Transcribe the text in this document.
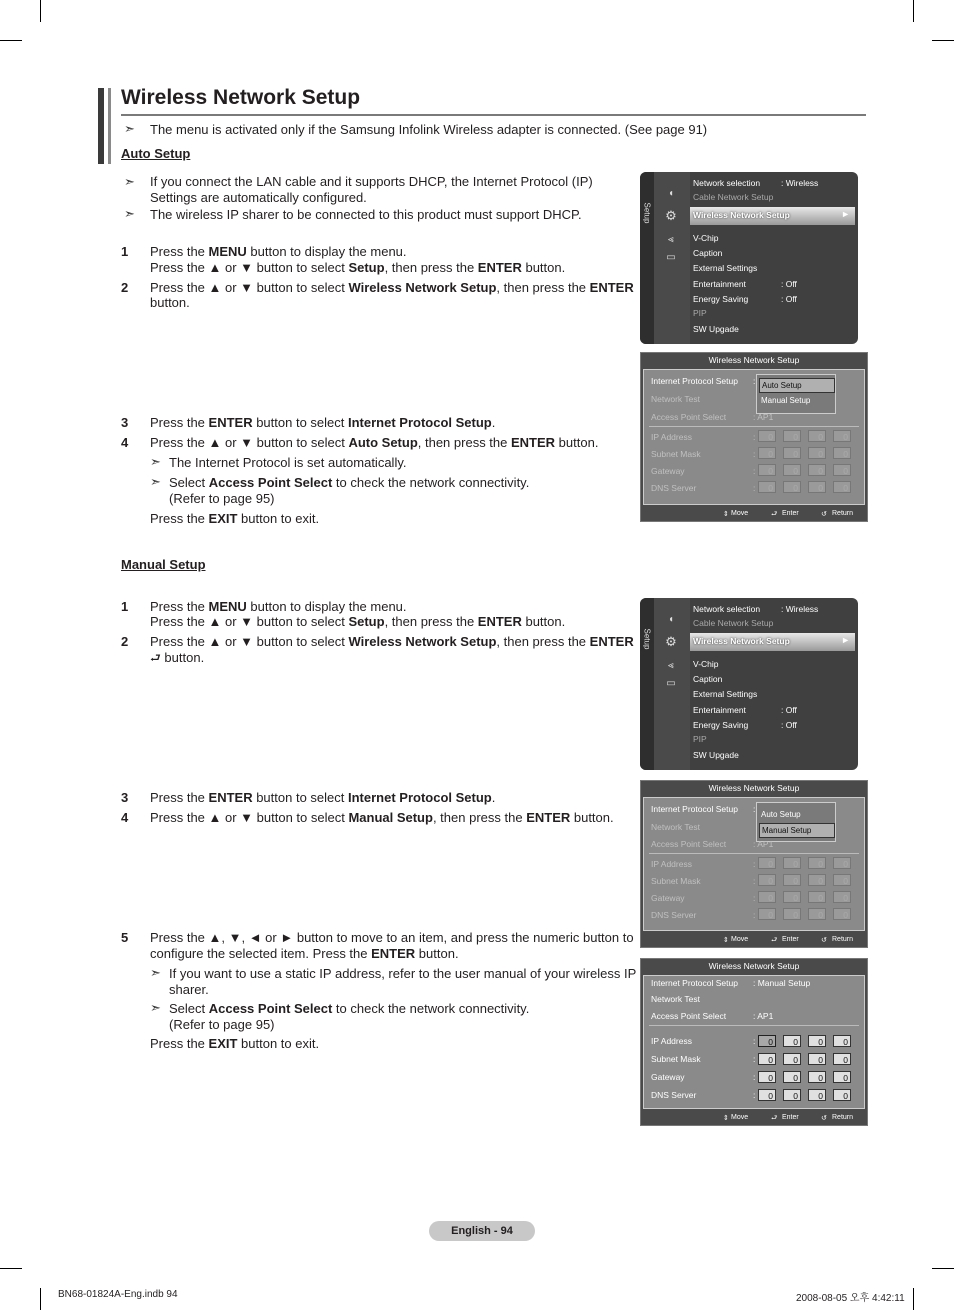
Wireless Network Setup
➣ The menu is activated only if the Samsung Infolink Wireless adapter is connected. (See page 91)
Auto Setup
➣ If you connect the LAN cable and it supports DHCP, the Internet Protocol (IP) Settings are automatically configured.
➣ The wireless IP sharer to be connected to this product must support DHCP.
1 Press the MENU button to display the menu.
Press the ▲ or ▼ button to select Setup, then press the ENTER button.
2 Press the ▲ or ▼ button to select Wireless Network Setup, then press the ENTER
button.
3 Press the ENTER button to select Internet Protocol Setup.
4 Press the ▲ or ▼ button to select Auto Setup, then press the ENTER button.
➣ The Internet Protocol is set automatically.
➣ Select Access Point Select to check the network connectivity.
(Refer to page 95)
Press the EXIT button to exit.
Manual Setup
1 Press the MENU button to display the menu.
Press the ▲ or ▼ button to select Setup, then press the ENTER button.
2 Press the ▲ or ▼ button to select Wireless Network Setup, then press the ENTER
⮐ button.
3 Press the ENTER button to select Internet Protocol Setup.
4 Press the ▲ or ▼ button to select Manual Setup, then press the ENTER button.
5 Press the ▲, ▼, ◄ or ► button to move to an item, and press the numeric button to
configure the selected item. Press the ENTER button.
➣ If you want to use a static IP address, refer to the user manual of your wireless IP sharer.
➣ Select Access Point Select to check the network connectivity.
(Refer to page 95)
Press the EXIT button to exit.
Setup
◖
⚙
⪡
▭
Network selection : Wireless
Cable Network Setup
Wireless Network Setup	►
V-Chip
Caption
External Settings
Entertainment	: Off
Energy Saving	: Off
PIP
SW Upgade
Wireless Network Setup
Internet Protocol Setup : Auto Setup
Manual Setup
Network Test
Access Point Select	: AP1
IP Address	:	0	0	0	0
Subnet Mask	:	0	0	0	0
Gateway	:	0	0	0	0
DNS Server	:	0	0	0	0
⇕ Move	⮐ Enter	↺ Return
Setup
◖
⚙
⪡
▭
Network selection : Wireless
Cable Network Setup
Wireless Network Setup	►
V-Chip
Caption
External Settings
Entertainment	: Off
Energy Saving	: Off
PIP
SW Upgade
Wireless Network Setup
Internet Protocol Setup :
Auto Setup
Manual Setup
Network Test
Access Point Select	: AP1
IP Address	:	0	0	0	0
Subnet Mask	:	0	0	0	0
Gateway	:	0	0	0	0
DNS Server	:	0	0	0	0
⇕ Move	⮐ Enter	↺ Return
Wireless Network Setup
Internet Protocol Setup : Manual Setup
Network Test
Access Point Select	: AP1
IP Address	:	0	0	0	0
Subnet Mask	:	0	0	0	0
Gateway	:	0	0	0	0
DNS Server	:	0	0	0	0
⇕ Move	⮐ Enter	↺ Return
English - 94
BN68-01824A-Eng.indb 94	2008-08-05 오후 4:42:11
